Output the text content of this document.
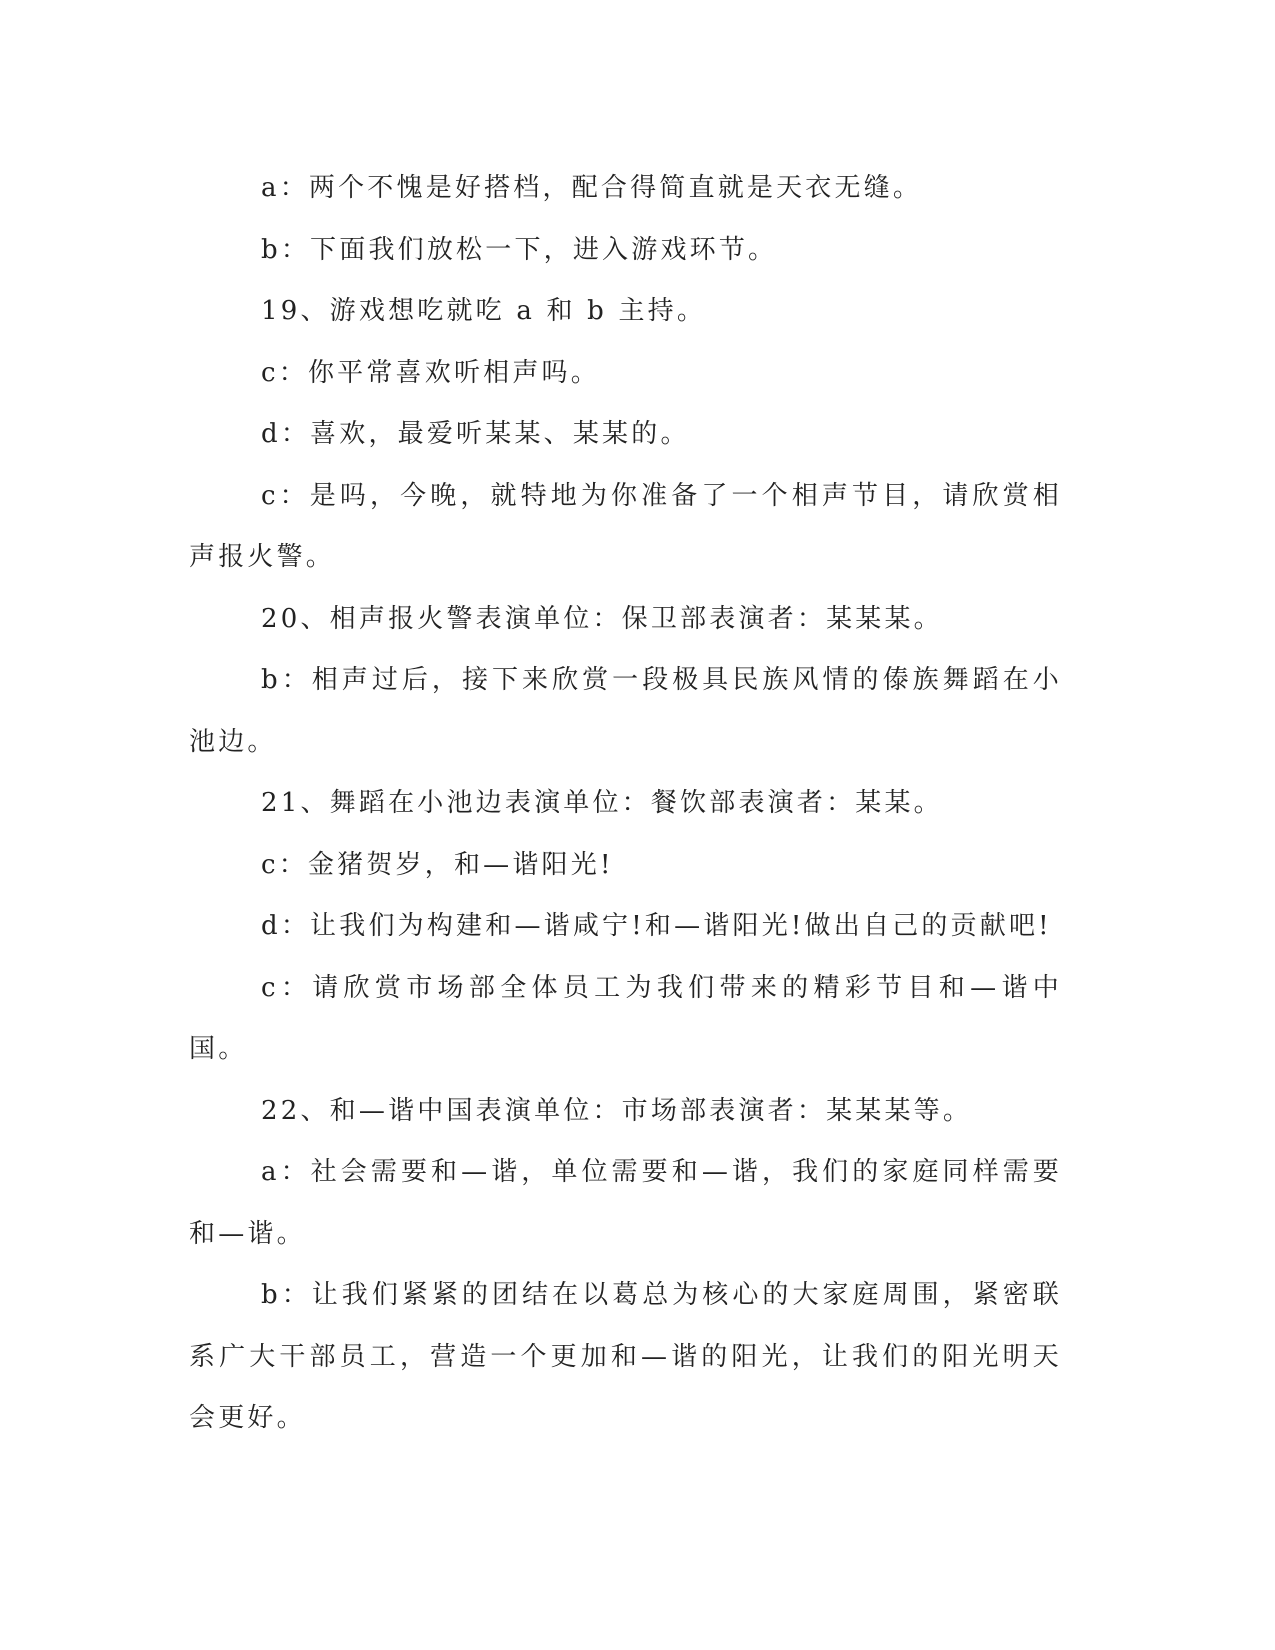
a：两个不愧是好搭档，配合得简直就是天衣无缝。

b：下面我们放松一下，进入游戏环节。

19、游戏想吃就吃 a 和 b 主持。

c：你平常喜欢听相声吗。

d：喜欢，最爱听某某、某某的。

c：是吗，今晚，就特地为你准备了一个相声节目，请欣赏相声报火警。

20、相声报火警表演单位：保卫部表演者：某某某。

b：相声过后，接下来欣赏一段极具民族风情的傣族舞蹈在小池边。

21、舞蹈在小池边表演单位：餐饮部表演者：某某。

c：金猪贺岁，和—谐阳光!

d：让我们为构建和—谐咸宁!和—谐阳光!做出自己的贡献吧!

c：请欣赏市场部全体员工为我们带来的精彩节目和—谐中国。

22、和—谐中国表演单位：市场部表演者：某某某等。

a：社会需要和—谐，单位需要和—谐，我们的家庭同样需要和—谐。

b：让我们紧紧的团结在以葛总为核心的大家庭周围，紧密联系广大干部员工，营造一个更加和—谐的阳光，让我们的阳光明天会更好。
